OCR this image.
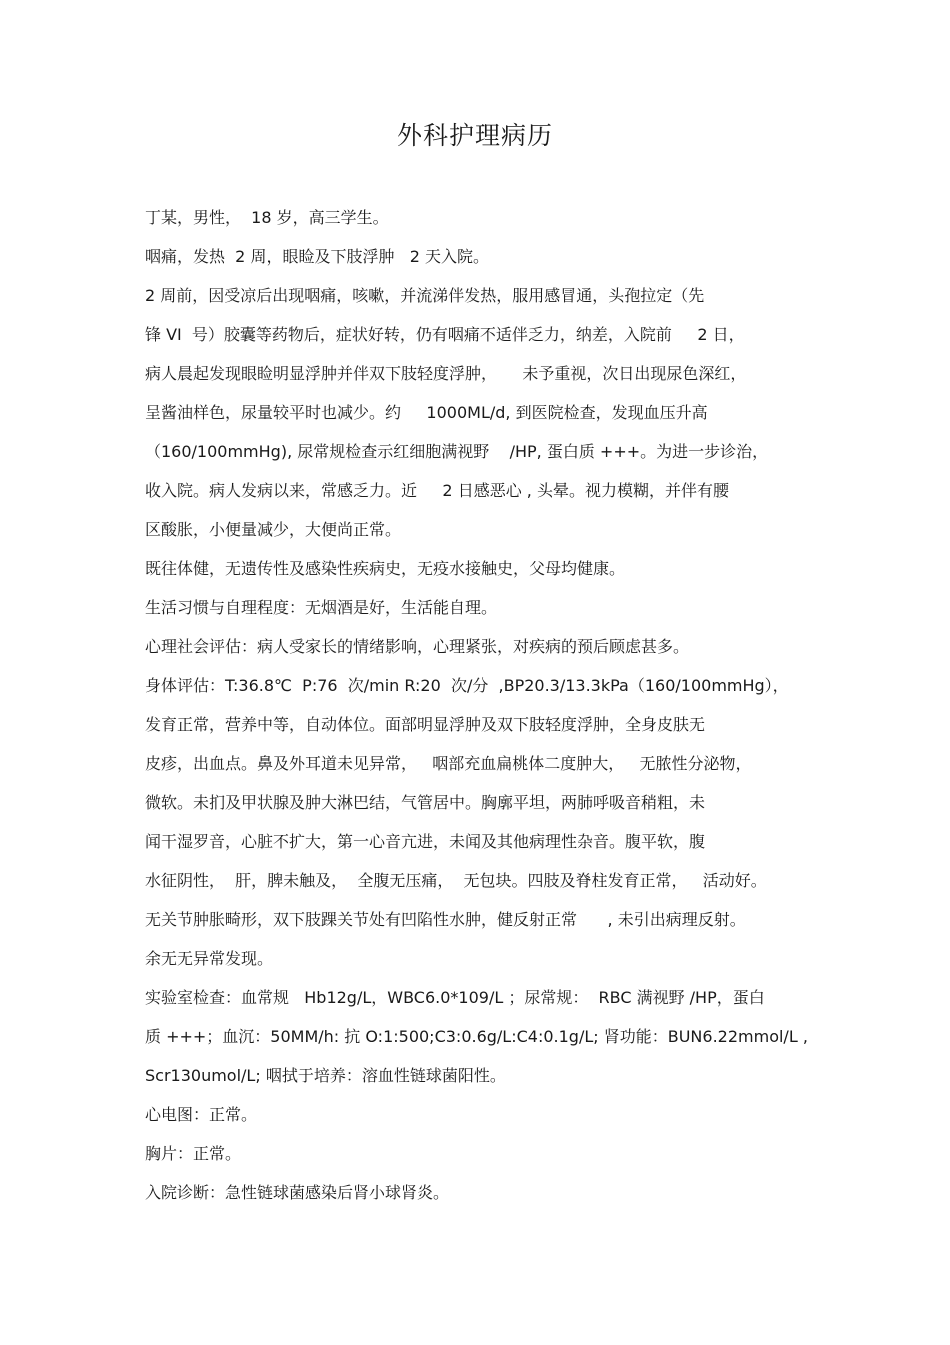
外科护理病历
丁某，男性，  18 岁，高三学生。
咽痛，发热  2 周，眼睑及下肢浮肿   2 天入院。
2 周前，因受凉后出现咽痛，咳嗽，并流涕伴发热，服用感冒通，头孢拉定（先
锋 VI  号）胶囊等药物后，症状好转，仍有咽痛不适伴乏力，纳差，入院前     2 日，
病人晨起发现眼睑明显浮肿并伴双下肢轻度浮肿，     未予重视，次日出现尿色深红，
呈酱油样色，尿量较平时也减少。约     1000ML/d, 到医院检查，发现血压升高
（160/100mmHg), 尿常规检查示红细胞满视野    /HP, 蛋白质 +++。为进一步诊治，
收入院。病人发病以来，常感乏力。近     2 日感恶心 , 头晕。视力模糊，并伴有腰
区酸胀，小便量减少，大便尚正常。
既往体健，无遗传性及感染性疾病史，无疫水接触史，父母均健康。
生活习惯与自理程度：无烟酒是好，生活能自理。
心理社会评估：病人受家长的情绪影响，心理紧张，对疾病的预后顾虑甚多。
身体评估：T:36.8℃  P:76  次/min R:20  次/分  ,BP20.3/13.3kPa（160/100mmHg），
发育正常，营养中等，自动体位。面部明显浮肿及双下肢轻度浮肿，全身皮肤无
皮疹，出血点。鼻及外耳道未见异常，   咽部充血扁桃体二度肿大，   无脓性分泌物，
微软。未扪及甲状腺及肿大淋巴结，气管居中。胸廓平坦，两肺呼吸音稍粗，未
闻干湿罗音，心脏不扩大，第一心音亢进，未闻及其他病理性杂音。腹平软，腹
水征阴性，  肝，脾未触及，  全腹无压痛，  无包块。四肢及脊柱发育正常，   活动好。
无关节肿胀畸形，双下肢踝关节处有凹陷性水肿，健反射正常      , 未引出病理反射。
余无无异常发现。
实验室检查：血常规   Hb12g/L，WBC6.0*109/L ；尿常规：  RBC 满视野 /HP，蛋白
质 +++；血沉：50MM/h: 抗 O:1:500;C3:0.6g/L:C4:0.1g/L; 肾功能：BUN6.22mmol/L ,
Scr130umol/L; 咽拭于培养：溶血性链球菌阳性。
心电图：正常。
胸片：正常。
入院诊断：急性链球菌感染后肾小球肾炎。
